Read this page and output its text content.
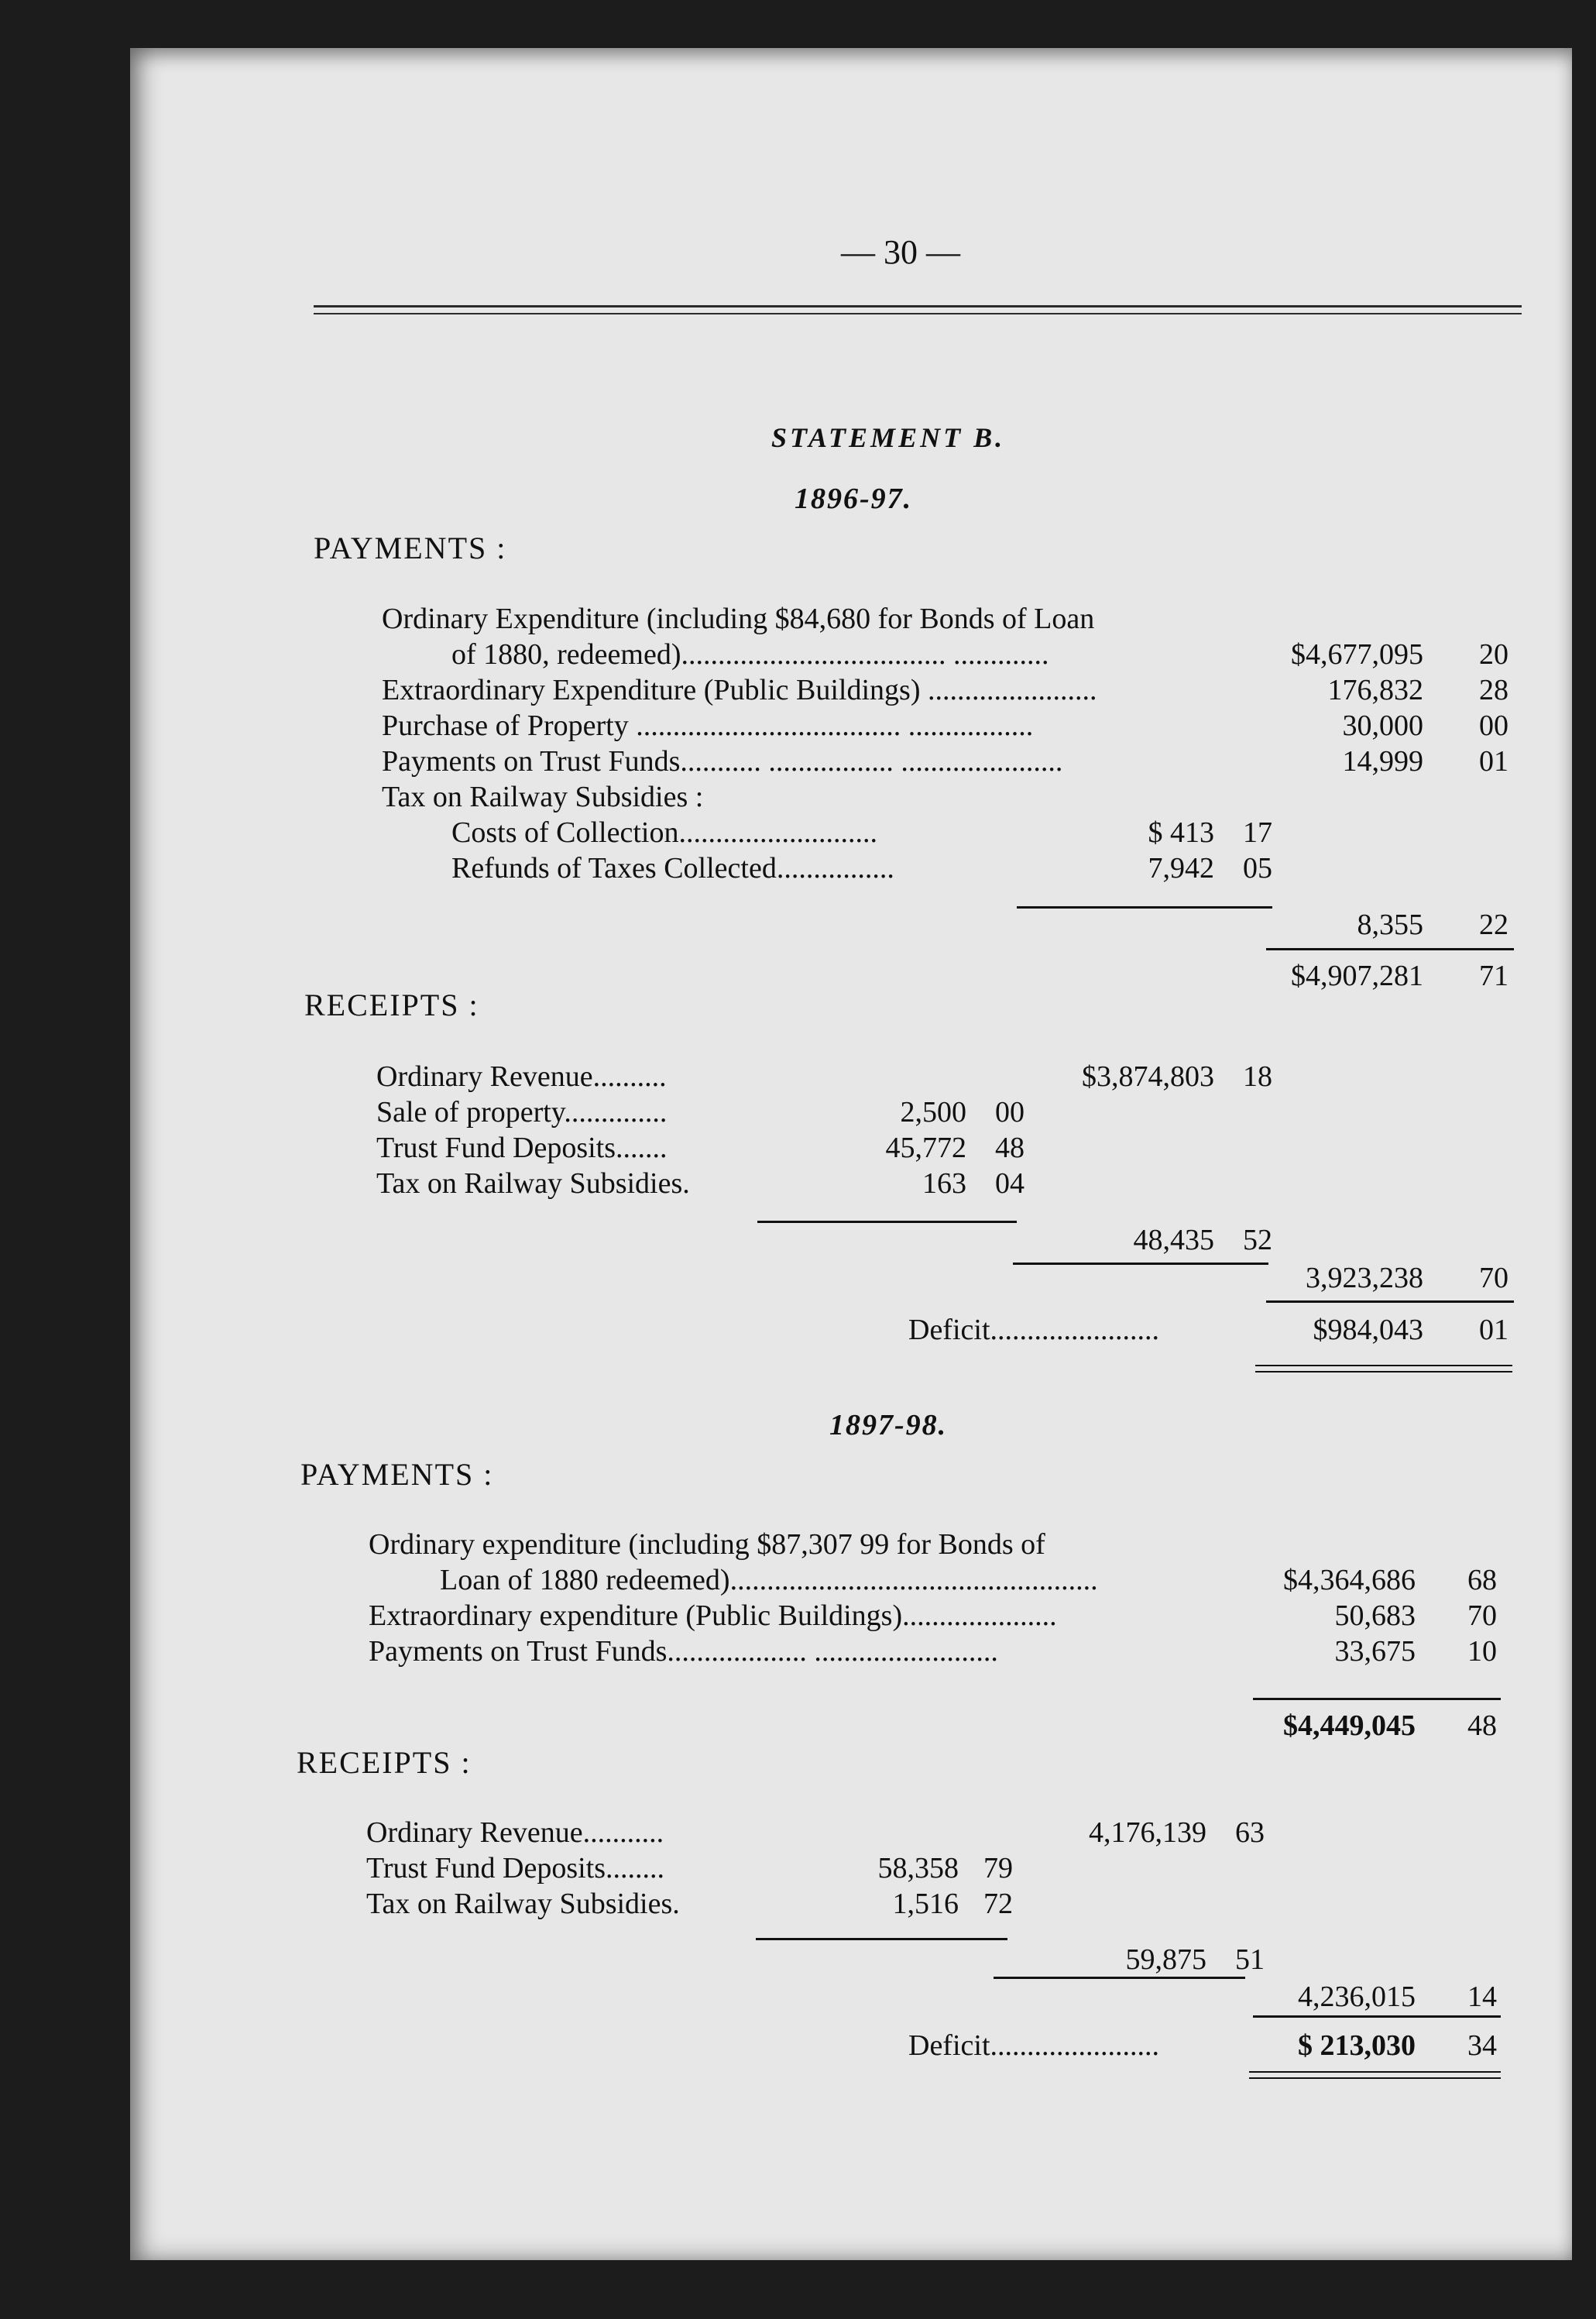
— 30 —
STATEMENT B.
1896-97.
PAYMENTS :
Ordinary Expenditure (including $84,680 for Bonds of Loan
of 1880, redeemed).................................... .............	$4,677,095	20
Extraordinary Expenditure (Public Buildings) .......................	176,832	28
Purchase of Property .................................... .................	30,000	00
Payments on Trust Funds........... ................. ......................	14,999	01
Tax on Railway Subsidies :
Costs of Collection...........................	$ 413 17
Refunds of Taxes Collected................	7,942 05
8,355	22
$4,907,281	71
RECEIPTS :
Ordinary Revenue..........	$3,874,803 18
Sale of property..............	2,500 00
Trust Fund Deposits.......	45,772 48
Tax on Railway Subsidies.	163 04
48,435 52
3,923,238	70
Deficit.......................	$984,043	01
1897-98.
PAYMENTS :
Ordinary expenditure (including $87,307 99 for Bonds of
Loan of 1880 redeemed)..................................................	$4,364,686	68
Extraordinary expenditure (Public Buildings).....................	50,683	70
Payments on Trust Funds................... .........................	33,675	10
$4,449,045	48
RECEIPTS :
Ordinary Revenue...........	4,176,139 63
Trust Fund Deposits........	58,358 79
Tax on Railway Subsidies.	1,516 72
59,875 51
4,236,015	14
Deficit.......................	$ 213,030	34
